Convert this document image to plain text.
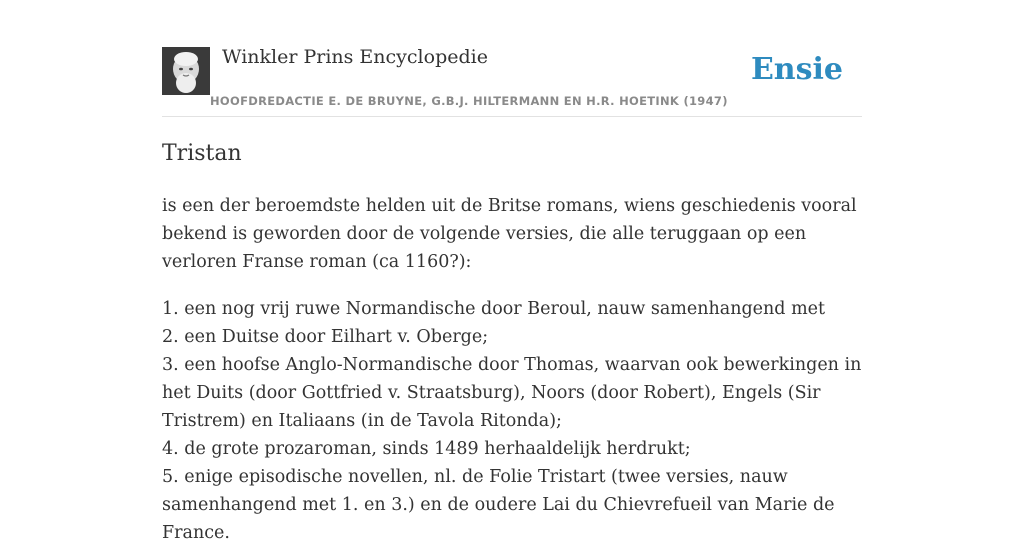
Winkler Prins Encyclopedie
HOOFDREDACTIE E. DE BRUYNE, G.B.J. HILTERMANN EN H.R. HOETINK (1947)
Ensie
Tristan

is een der beroemdste helden uit de Britse romans, wiens geschiedenis vooral bekend is geworden door de volgende versies, die alle teruggaan op een verloren Franse roman (ca 1160?):

1. een nog vrij ruwe Normandische door Beroul, nauw samenhangend met
2. een Duitse door Eilhart v. Oberge;
3. een hoofse Anglo-Normandische door Thomas, waarvan ook bewerkingen in het Duits (door Gottfried v. Straatsburg), Noors (door Robert), Engels (Sir Tristrem) en Italiaans (in de Tavola Ritonda);
4. de grote prozaroman, sinds 1489 herhaaldelijk herdrukt;
5. enige episodische novellen, nl. de Folie Tristart (twee versies, nauw samenhangend met 1. en 3.) en de oudere Lai du Chievrefueil van Marie de France.
